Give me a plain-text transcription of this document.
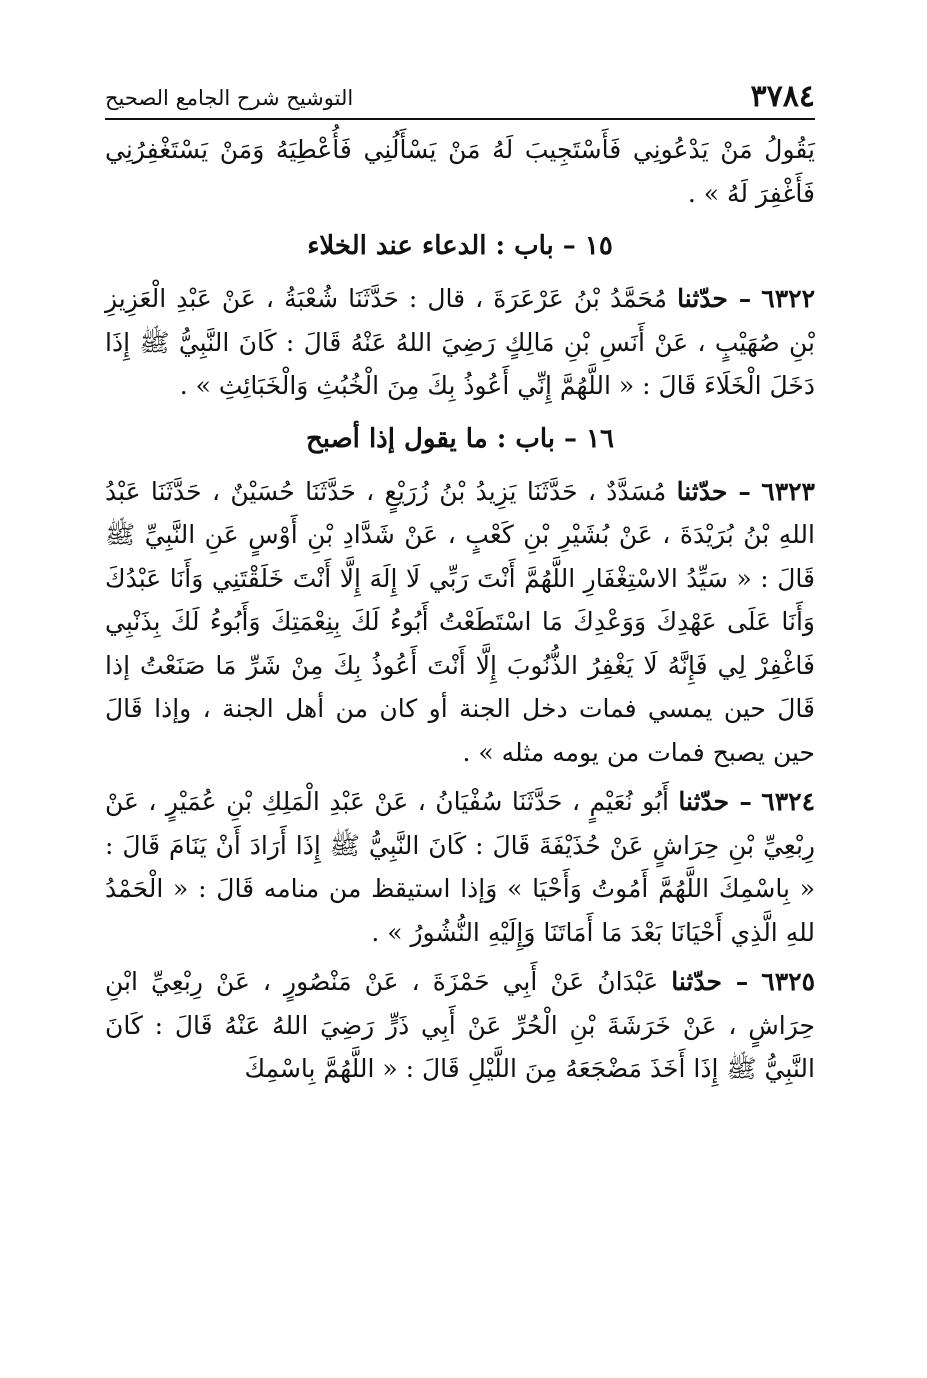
٣٧٨٤
التوشيح شرح الجامع الصحيح

يَقُولُ مَنْ يَدْعُونِي فَأَسْتَجِيبَ لَهُ مَنْ يَسْأَلُنِي فَأُعْطِيَهُ وَمَنْ يَسْتَغْفِرُنِي فَأَغْفِرَ لَهُ » .

١٥ – باب : الدعاء عند الخلاء

٦٣٢٢ – حدّثنا مُحَمَّدُ بْنُ عَرْعَرَةَ ، قال : حَدَّثَنَا شُعْبَةُ ، عَنْ عَبْدِ الْعَزِيزِ بْنِ صُهَيْبٍ ، عَنْ أَنَسِ بْنِ مَالِكٍ رَضِيَ اللهُ عَنْهُ قَالَ : كَانَ النَّبِيُّ ﷺ إِذَا دَخَلَ الْخَلَاءَ قَالَ : « اللَّهُمَّ إِنِّي أَعُوذُ بِكَ مِنَ الْخُبُثِ وَالْخَبَائِثِ » .

١٦ – باب : ما يقول إذا أصبح

٦٣٢٣ – حدّثنا مُسَدَّدٌ ، حَدَّثَنَا يَزِيدُ بْنُ زُرَيْعٍ ، حَدَّثَنَا حُسَيْنٌ ، حَدَّثَنَا عَبْدُ اللهِ بْنُ بُرَيْدَةَ ، عَنْ بُشَيْرِ بْنِ كَعْبٍ ، عَنْ شَدَّادِ بْنِ أَوْسٍ عَنِ النَّبِيِّ ﷺ قَالَ : « سَيِّدُ الاسْتِغْفَارِ اللَّهُمَّ أَنْتَ رَبِّي لَا إِلَهَ إِلَّا أَنْتَ خَلَقْتَنِي وَأَنَا عَبْدُكَ وَأَنَا عَلَى عَهْدِكَ وَوَعْدِكَ مَا اسْتَطَعْتُ أَبُوءُ لَكَ بِنِعْمَتِكَ وَأَبُوءُ لَكَ بِذَنْبِي فَاغْفِرْ لِي فَإِنَّهُ لَا يَغْفِرُ الذُّنُوبَ إِلَّا أَنْتَ أَعُوذُ بِكَ مِنْ شَرِّ مَا صَنَعْتُ إذا قَالَ حين يمسي فمات دخل الجنة أو كان من أهل الجنة ، وإذا قَالَ حين يصبح فمات من يومه مثله » .

٦٣٢٤ – حدّثنا أَبُو نُعَيْمٍ ، حَدَّثَنَا سُفْيَانُ ، عَنْ عَبْدِ الْمَلِكِ بْنِ عُمَيْرٍ ، عَنْ رِبْعِيِّ بْنِ حِرَاشٍ عَنْ حُذَيْفَةَ قَالَ : كَانَ النَّبِيُّ ﷺ إِذَا أَرَادَ أَنْ يَنَامَ قَالَ : « بِاسْمِكَ اللَّهُمَّ أَمُوتُ وَأَحْيَا » وَإذا استيقظ من منامه قَالَ : « الْحَمْدُ للهِ الَّذِي أَحْيَانَا بَعْدَ مَا أَمَاتَنَا وَإِلَيْهِ النُّشُورُ » .

٦٣٢٥ – حدّثنا عَبْدَانُ عَنْ أَبِي حَمْزَةَ ، عَنْ مَنْصُورٍ ، عَنْ رِبْعِيِّ ابْنِ حِرَاشٍ ، عَنْ خَرَشَةَ بْنِ الْحُرِّ عَنْ أَبِي ذَرٍّ رَضِيَ اللهُ عَنْهُ قَالَ : كَانَ النَّبِيُّ ﷺ إِذَا أَخَذَ مَضْجَعَهُ مِنَ اللَّيْلِ قَالَ : « اللَّهُمَّ بِاسْمِكَ
